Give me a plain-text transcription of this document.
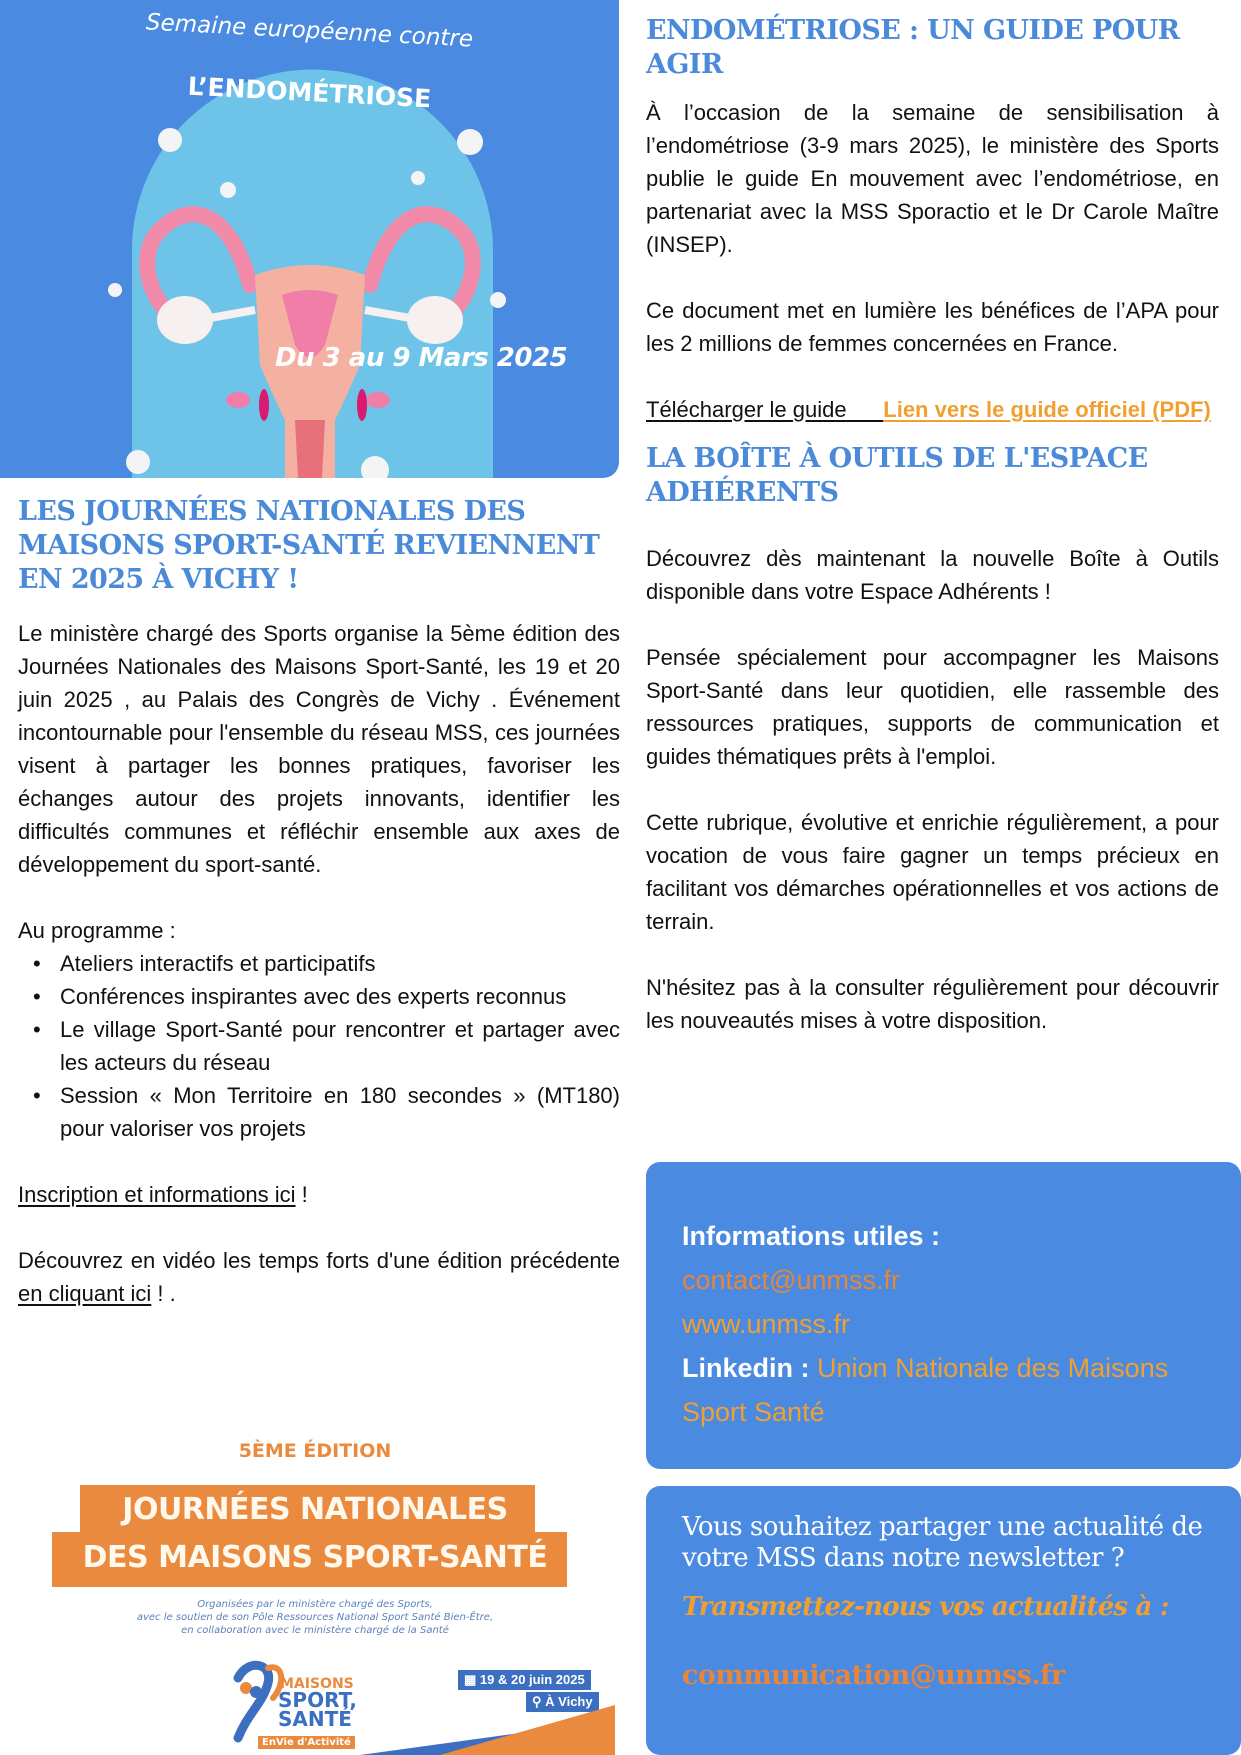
Semaine européenne contre
L’ENDOMÉTRIOSE
Du 3 au 9 Mars 2025
LES JOURNÉES NATIONALES DES MAISONS SPORT-SANTÉ REVIENNENT EN 2025 À VICHY !

Le ministère chargé des Sports organise la 5ème édition des Journées Nationales des Maisons Sport-Santé, les 19 et 20 juin 2025 , au Palais des Congrès de Vichy . Événement incontournable pour l'ensemble du réseau MSS, ces journées visent à partager les bonnes pratiques, favoriser les échanges autour des projets innovants, identifier les difficultés communes et réfléchir ensemble aux axes de développement du sport-santé.

Au programme :

• Ateliers interactifs et participatifs
• Conférences inspirantes avec des experts reconnus
• Le village Sport-Santé pour rencontrer et partager avec les acteurs du réseau
• Session « Mon Territoire en 180 secondes » (MT180) pour valoriser vos projets

Inscription et informations ici !

Découvrez en vidéo les temps forts d'une édition précédente en cliquant ici ! .

5ÈME ÉDITION
JOURNÉES NATIONALES
DES MAISONS SPORT-SANTÉ
Organisées par le ministère chargé des Sports,
avec le soutien de son Pôle Ressources National Sport Santé Bien-Être,
en collaboration avec le ministère chargé de la Santé
MAISONS
SPORT,
SANTÉ
EnVie d'Activité
▦ 19 & 20 juin 2025
⚲ À Vichy
ENDOMÉTRIOSE : UN GUIDE POUR AGIR

À l’occasion de la semaine de sensibilisation à l’endométriose (3-9 mars 2025), le ministère des Sports publie le guide En mouvement avec l’endométriose, en partenariat avec la MSS Sporactio et le Dr Carole Maître (INSEP).

Ce document met en lumière les bénéfices de l’APA pour les 2 millions de femmes concernées en France.

Télécharger le guide Lien vers le guide officiel (PDF)

LA BOÎTE À OUTILS DE L'ESPACE ADHÉRENTS

Découvrez dès maintenant la nouvelle Boîte à Outils disponible dans votre Espace Adhérents !

Pensée spécialement pour accompagner les Maisons Sport-Santé dans leur quotidien, elle rassemble des ressources pratiques, supports de communication et guides thématiques prêts à l'emploi.

Cette rubrique, évolutive et enrichie régulièrement, a pour vocation de vous faire gagner un temps précieux en facilitant vos démarches opérationnelles et vos actions de terrain.

N'hésitez pas à la consulter régulièrement pour découvrir les nouveautés mises à votre disposition.

Informations utiles :
contact@unmss.fr
www.unmss.fr
Linkedin : Union Nationale des Maisons Sport Santé
Vous souhaitez partager une actualité de votre MSS dans notre newsletter ?
Transmettez-nous vos actualités à :
communication@unmss.fr
